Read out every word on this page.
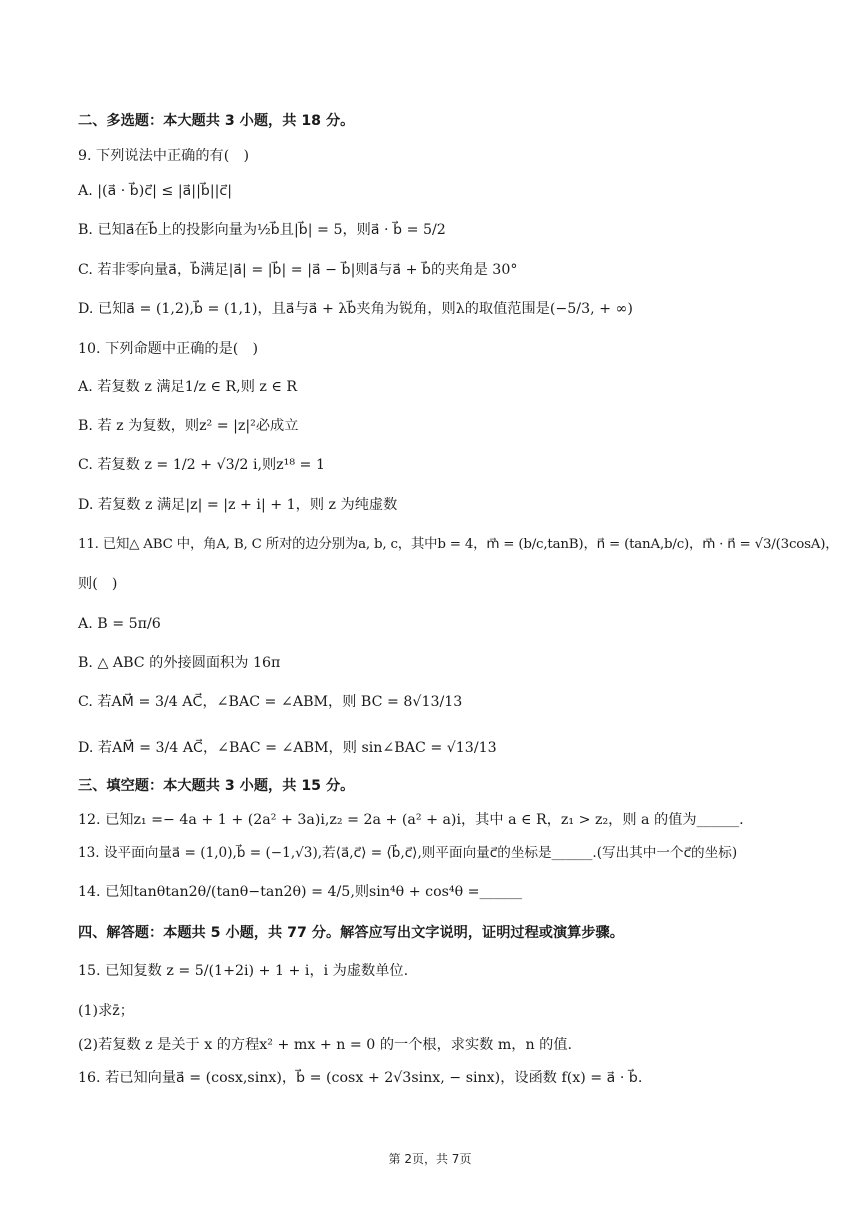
二、多选题：本大题共 3 小题，共 18 分。
9. 下列说法中正确的有(　)
A. |(a⃗ · b⃗)c⃗| ≤ |a⃗||b⃗||c⃗|
B. 已知a⃗在b⃗上的投影向量为½b⃗且|b⃗| = 5，则a⃗ · b⃗ = 5/2
C. 若非零向量a⃗，b⃗满足|a⃗| = |b⃗| = |a⃗ − b⃗|则a⃗与a⃗ + b⃗的夹角是 30°
D. 已知a⃗ = (1,2),b⃗ = (1,1)，且a⃗与a⃗ + λb⃗夹角为锐角，则λ的取值范围是(−5/3, + ∞)
10. 下列命题中正确的是(　)
A. 若复数 z 满足1/z ∈ R,则 z ∈ R
B. 若 z 为复数，则z² = |z|²必成立
C. 若复数 z = 1/2 + √3/2 i,则z¹⁸ = 1
D. 若复数 z 满足|z| = |z + i| + 1，则 z 为纯虚数
11. 已知△ ABC 中，角A, B, C 所对的边分别为a, b, c，其中b = 4，m⃗ = (b/c,tanB)，n⃗ = (tanA,b/c)，m⃗ · n⃗ = √3/(3cosA)，
则(　)
A. B = 5π/6
B. △ ABC 的外接圆面积为 16π
C. 若AM⃗ = 3/4 AC⃗，∠BAC = ∠ABM，则 BC = 8√13/13
D. 若AM⃗ = 3/4 AC⃗，∠BAC = ∠ABM，则 sin∠BAC = √13/13
三、填空题：本大题共 3 小题，共 15 分。
12. 已知z₁ =− 4a + 1 + (2a² + 3a)i,z₂ = 2a + (a² + a)i，其中 a ∈ R，z₁ > z₂，则 a 的值为______.
13. 设平面向量a⃗ = (1,0),b⃗ = (−1,√3),若⟨a⃗,c⃗⟩ = ⟨b⃗,c⃗⟩,则平面向量c⃗的坐标是______.(写出其中一个c⃗的坐标)
14. 已知tanθtan2θ/(tanθ−tan2θ) = 4/5,则sin⁴θ + cos⁴θ =______
四、解答题：本题共 5 小题，共 77 分。解答应写出文字说明，证明过程或演算步骤。
15. 已知复数 z = 5/(1+2i) + 1 + i，i 为虚数单位.
(1)求z̄；
(2)若复数 z 是关于 x 的方程x² + mx + n = 0 的一个根，求实数 m，n 的值.
16. 若已知向量a⃗ = (cosx,sinx)，b⃗ = (cosx + 2√3sinx, − sinx)，设函数 f(x) = a⃗ · b⃗.
第 2页，共 7页
